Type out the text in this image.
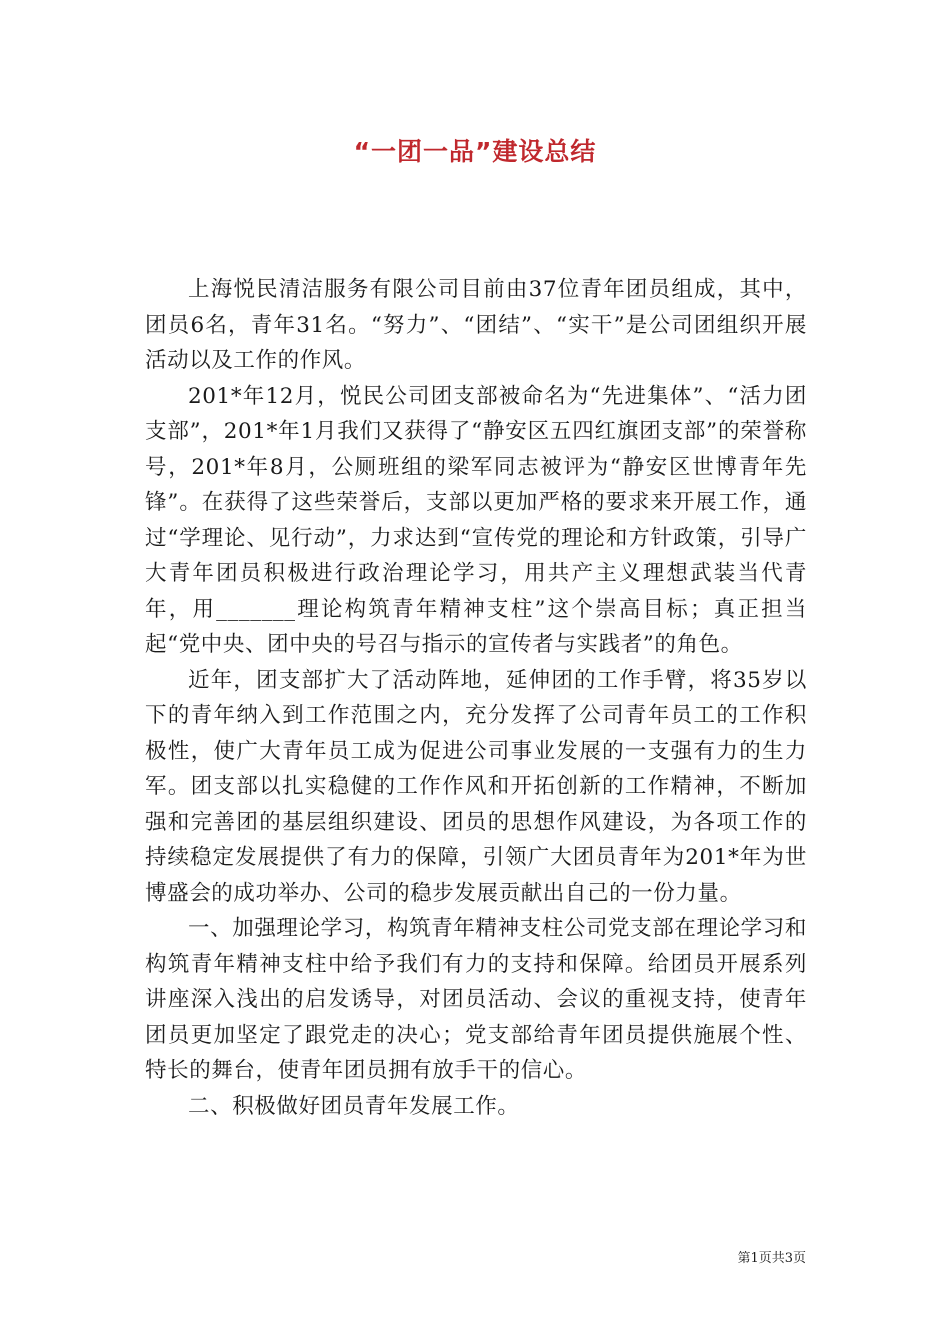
“一团一品”建设总结

上海悦民清洁服务有限公司目前由37位青年团员组成，其中，团员6名，青年31名。“努力”、“团结”、“实干”是公司团组织开展活动以及工作的作风。

201*年12月，悦民公司团支部被命名为“先进集体”、“活力团支部”，201*年1月我们又获得了“静安区五四红旗团支部”的荣誉称号，201*年8月，公厕班组的梁军同志被评为“静安区世博青年先锋”。在获得了这些荣誉后，支部以更加严格的要求来开展工作，通过“学理论、见行动”，力求达到“宣传党的理论和方针政策，引导广大青年团员积极进行政治理论学习，用共产主义理想武装当代青年，用_______理论构筑青年精神支柱”这个崇高目标；真正担当起“党中央、团中央的号召与指示的宣传者与实践者”的角色。

近年，团支部扩大了活动阵地，延伸团的工作手臂，将35岁以下的青年纳入到工作范围之内，充分发挥了公司青年员工的工作积极性，使广大青年员工成为促进公司事业发展的一支强有力的生力军。团支部以扎实稳健的工作作风和开拓创新的工作精神，不断加强和完善团的基层组织建设、团员的思想作风建设，为各项工作的持续稳定发展提供了有力的保障，引领广大团员青年为201*年为世博盛会的成功举办、公司的稳步发展贡献出自己的一份力量。

一、加强理论学习，构筑青年精神支柱公司党支部在理论学习和构筑青年精神支柱中给予我们有力的支持和保障。给团员开展系列讲座深入浅出的启发诱导，对团员活动、会议的重视支持，使青年团员更加坚定了跟党走的决心；党支部给青年团员提供施展个性、特长的舞台，使青年团员拥有放手干的信心。

二、积极做好团员青年发展工作。

第1页共3页
